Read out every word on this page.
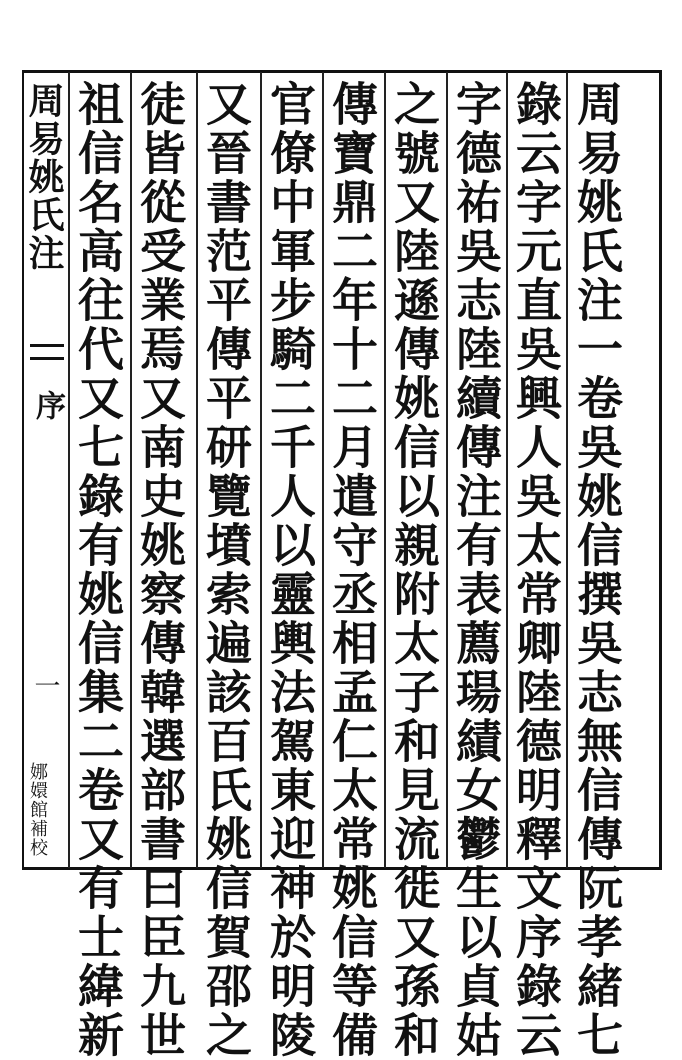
周易姚氏注一卷吳姚信撰吳志無信傳阮孝緒七
錄云字元直吳興人吳太常卿陸德明釋文序錄云
字德祐吳志陸續傳注有表薦瑒績女鬱生以貞姑
之號又陸遜傳姚信以親附太子和見流徙又孫和
傳寶鼎二年十二月遣守丞相孟仁太常姚信等備
官僚中軍步騎二千人以靈輿法駕東迎神於明陵
又晉書范平傳平研覽墳索遍該百氏姚信賀邵之
徒皆從受業焉又南史姚察傳韓選部書曰臣九世
祖信名高往代又七錄有姚信集二卷又有士緯新
周易姚氏注
序
一
娜嬛館補校
